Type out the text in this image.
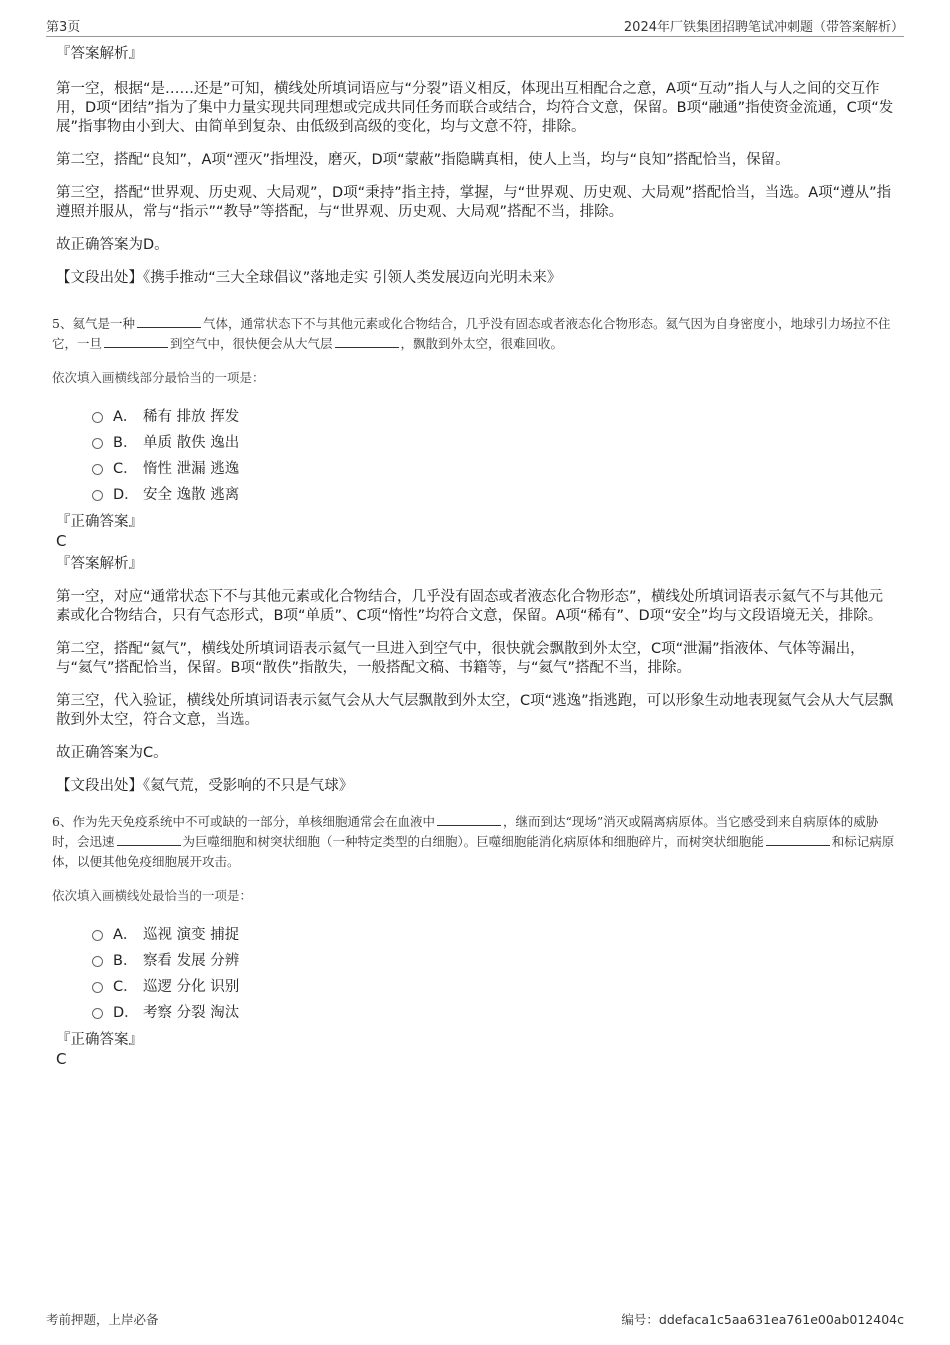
第3页	2024年厂铁集团招聘笔试冲刺题（带答案解析）

『答案解析』

第一空，根据“是……还是”可知，横线处所填词语应与“分裂”语义相反，体现出互相配合之意，A项“互动”指人与人之间的交互作用，D项“团结”指为了集中力量实现共同理想或完成共同任务而联合或结合，均符合文意，保留。B项“融通”指使资金流通，C项“发展”指事物由小到大、由简单到复杂、由低级到高级的变化，均与文意不符，排除。

第二空，搭配“良知”，A项“湮灭”指埋没，磨灭，D项“蒙蔽”指隐瞒真相，使人上当，均与“良知”搭配恰当，保留。

第三空，搭配“世界观、历史观、大局观”，D项“秉持”指主持，掌握，与“世界观、历史观、大局观”搭配恰当，当选。A项“遵从”指遵照并服从，常与“指示”“教导”等搭配，与“世界观、历史观、大局观”搭配不当，排除。

故正确答案为D。

【文段出处】《携手推动“三大全球倡议”落地走实 引领人类发展迈向光明未来》

5、氦气是一种	气体，通常状态下不与其他元素或化合物结合，几乎没有固态或者液态化合物形态。氦气因为自身密度小，地球引力场拉不住它，一旦	到空气中，很快便会从大气层	，飘散到外太空，很难回收。

依次填入画横线部分最恰当的一项是：

A． 稀有 排放 挥发
B． 单质 散佚 逸出
C． 惰性 泄漏 逃逸
D． 安全 逸散 逃离

『正确答案』

C

『答案解析』

第一空，对应“通常状态下不与其他元素或化合物结合，几乎没有固态或者液态化合物形态”，横线处所填词语表示氦气不与其他元素或化合物结合，只有气态形式，B项“单质”、C项“惰性”均符合文意，保留。A项“稀有”、D项“安全”均与文段语境无关，排除。

第二空，搭配“氦气”，横线处所填词语表示氦气一旦进入到空气中，很快就会飘散到外太空，C项“泄漏”指液体、气体等漏出，与“氦气”搭配恰当，保留。B项“散佚”指散失，一般搭配文稿、书籍等，与“氦气”搭配不当，排除。

第三空，代入验证，横线处所填词语表示氦气会从大气层飘散到外太空，C项“逃逸”指逃跑，可以形象生动地表现氦气会从大气层飘散到外太空，符合文意，当选。

故正确答案为C。

【文段出处】《氦气荒，受影响的不只是气球》

6、作为先天免疫系统中不可或缺的一部分，单核细胞通常会在血液中	，继而到达“现场”消灭或隔离病原体。当它感受到来自病原体的威胁时，会迅速	为巨噬细胞和树突状细胞（一种特定类型的白细胞）。巨噬细胞能消化病原体和细胞碎片，而树突状细胞能	和标记病原体，以便其他免疫细胞展开攻击。

依次填入画横线处最恰当的一项是：

A． 巡视 演变 捕捉
B． 察看 发展 分辨
C． 巡逻 分化 识别
D． 考察 分裂 淘汰

『正确答案』

C

考前押题，上岸必备	编号：ddefaca1c5aa631ea761e00ab012404c
